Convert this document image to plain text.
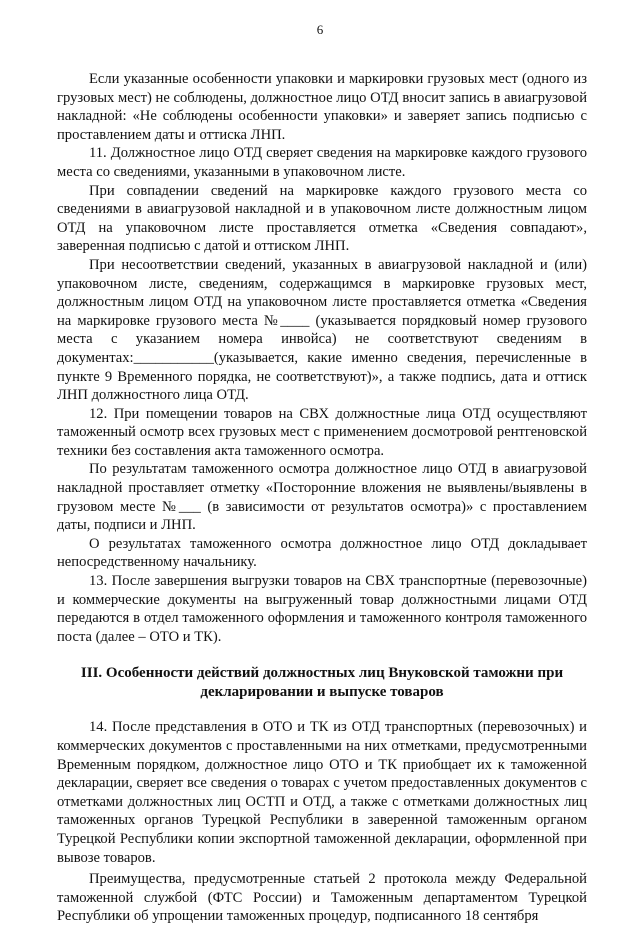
6

Если указанные особенности упаковки и маркировки грузовых мест (одного из грузовых мест) не соблюдены, должностное лицо ОТД вносит запись в авиагрузовой накладной: «Не соблюдены особенности упаковки» и заверяет запись подписью с проставлением даты и оттиска ЛНП.

11. Должностное лицо ОТД сверяет сведения на маркировке каждого грузового места со сведениями, указанными в упаковочном листе.

При совпадении сведений на маркировке каждого грузового места со сведениями в авиагрузовой накладной и в упаковочном листе должностным лицом ОТД на упаковочном листе проставляется отметка «Сведения совпадают», заверенная подписью с датой и оттиском ЛНП.

При несоответствии сведений, указанных в авиагрузовой накладной и (или) упаковочном листе, сведениям, содержащимся в маркировке грузовых мест, должностным лицом ОТД на упаковочном листе проставляется отметка «Сведения на маркировке грузового места №____ (указывается порядковый номер грузового места с указанием номера инвойса) не соответствуют сведениям в документах:___________(указывается, какие именно сведения, перечисленные в пункте 9 Временного порядка, не соответствуют)», а также подпись, дата и оттиск ЛНП должностного лица ОТД.

12. При помещении товаров на СВХ должностные лица ОТД осуществляют таможенный осмотр всех грузовых мест с применением досмотровой рентгеновской техники без составления акта таможенного осмотра.

По результатам таможенного осмотра должностное лицо ОТД в авиагрузовой накладной проставляет отметку «Посторонние вложения не выявлены/выявлены в грузовом месте №___ (в зависимости от результатов осмотра)» с проставлением даты, подписи и ЛНП.

О результатах таможенного осмотра должностное лицо ОТД докладывает непосредственному начальнику.

13. После завершения выгрузки товаров на СВХ транспортные (перевозочные) и коммерческие документы на выгруженный товар должностными лицами ОТД передаются в отдел таможенного оформления и таможенного контроля таможенного поста (далее – ОТО и ТК).

III. Особенности действий должностных лиц Внуковской таможни при декларировании и выпуске товаров

14. После представления в ОТО и ТК из ОТД транспортных (перевозочных) и коммерческих документов с проставленными на них отметками, предусмотренными Временным порядком, должностное лицо ОТО и ТК приобщает их к таможенной декларации, сверяет все сведения о товарах с учетом предоставленных документов с отметками должностных лиц ОСТП и ОТД, а также с отметками должностных лиц таможенных органов Турецкой Республики в заверенной таможенным органом Турецкой Республики копии экспортной таможенной декларации, оформленной при вывозе товаров.

Преимущества, предусмотренные статьей 2 протокола между Федеральной таможенной службой (ФТС России) и Таможенным департаментом Турецкой Республики об упрощении таможенных процедур, подписанного 18 сентября
